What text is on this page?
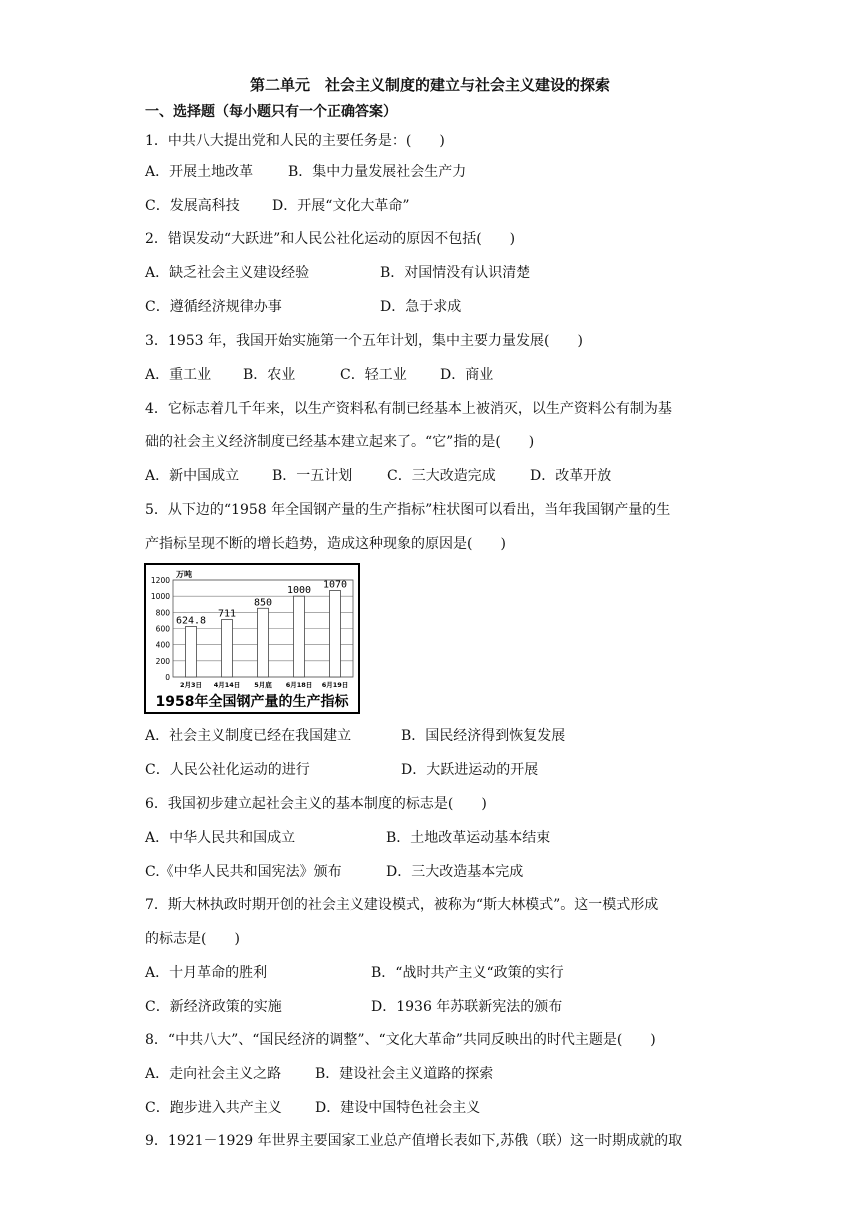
第二单元　社会主义制度的建立与社会主义建设的探索
一、选择题（每小题只有一个正确答案）
1．中共八大提出党和人民的主要任务是：(　　)
A．开展土地改革 B．集中力量发展社会生产力
C．发展高科技 D．开展“文化大革命”
2．错误发动“大跃进”和人民公社化运动的原因不包括(　　)
A．缺乏社会主义建设经验	B．对国情没有认识清楚
C．遵循经济规律办事	D．急于求成
3．1953 年，我国开始实施第一个五年计划，集中主要力量发展(　　)
A．重工业 B．农业	C．轻工业 D．商业
4．它标志着几千年来，以生产资料私有制已经基本上被消灭，以生产资料公有制为基
础的社会主义经济制度已经基本建立起来了。“它”指的是(　　)
A．新中国成立 B．一五计划 C．三大改造完成 D．改革开放
5．从下边的“1958 年全国钢产量的生产指标”柱状图可以看出，当年我国钢产量的生
产指标呈现不断的增长趋势，造成这种现象的原因是(　　)
0
200
400
600
800
1000
1200
624.8
711
850
1000
1070
2月3日 4月14日 5月底 6月18日 6月19日
万吨
1958年全国钢产量的生产指标
A．社会主义制度已经在我国建立	B．国民经济得到恢复发展
C．人民公社化运动的进行	D．大跃进运动的开展
6．我国初步建立起社会主义的基本制度的标志是(　　)
A．中华人民共和国成立	B．土地改革运动基本结束
C.《中华人民共和国宪法》颁布	D．三大改造基本完成
7．斯大林执政时期开创的社会主义建设模式，被称为“斯大林模式”。这一模式形成
的标志是(　　)
A．十月革命的胜利	B．“战时共产主义“政策的实行
C．新经济政策的实施	D．1936 年苏联新宪法的颁布
8．“中共八大”、“国民经济的调整”、“文化大革命”共同反映出的时代主题是(　　)
A．走向社会主义之路 B．建设社会主义道路的探索
C．跑步进入共产主义 D．建设中国特色社会主义
9．1921－1929 年世界主要国家工业总产值增长表如下,苏俄（联）这一时期成就的取
